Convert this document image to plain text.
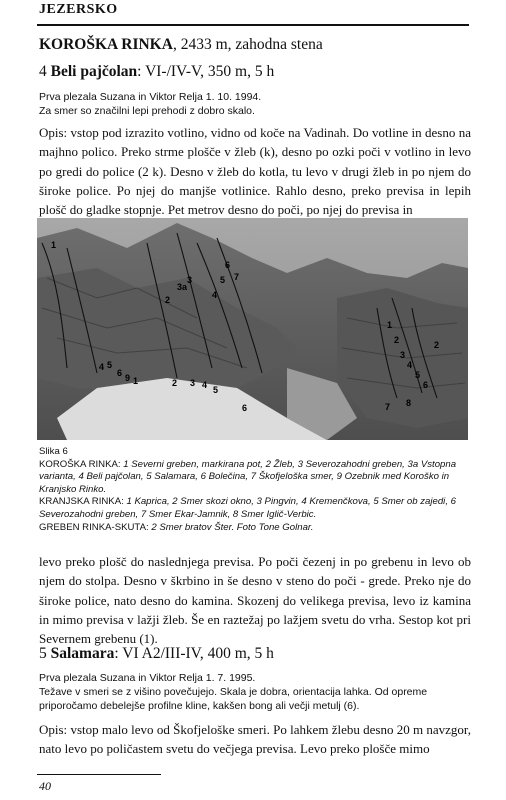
JEZERSKO
KOROŠKA RINKA, 2433 m, zahodna stena
4 Beli pajčolan: VI-/IV-V, 350 m, 5 h
Prva plezala Suzana in Viktor Relja 1. 10. 1994.
Za smer so značilni lepi prehodi z dobro skalo.
Opis: vstop pod izrazito votlino, vidno od koče na Vadinah. Do votline in desno na majhno polico. Preko strme plošče v žleb (k), desno po ozki poči v votlino in levo po gredi do police (2 k). Desno v žleb do kotla, tu levo v drugi žleb in po njem do široke police. Po njej do manjše votlinice. Rahlo desno, preko previsa in lepih plošč do gladke stopnje. Pet metrov desno do poči, po njej do previsa in
4 5
6 9 1	2 3 4 5
6
3
3a
6
7
1
2
5
4
1
2
3
4
5
6
7 8
2
Slika 6
KOROŠKA RINKA: 1 Severni greben, markirana pot, 2 Žleb, 3 Severozahodni greben, 3a Vstopna varianta, 4 Beli pajčolan, 5 Salamara, 6 Bolečina, 7 Škofjeloška smer, 9 Ozebnik med Koroško in Kranjsko Rinko.
KRANJSKA RINKA: 1 Kaprica, 2 Smer skozi okno, 3 Pingvin, 4 Kremenčkova, 5 Smer ob zajedi, 6 Severozahodni greben, 7 Smer Ekar-Jamnik, 8 Smer Iglič-Verbic.
GREBEN RINKA-SKUTA: 2 Smer bratov Šter. Foto Tone Golnar.
levo preko plošč do naslednjega previsa. Po poči čezenj in po grebenu in levo ob njem do stolpa. Desno v škrbino in še desno v steno do poči - grede. Preko nje do široke police, nato desno do kamina. Skozenj do velikega previsa, levo iz kamina in mimo previsa v lažji žleb. Še en raztežaj po lažjem svetu do vrha. Sestop kot pri Severnem grebenu (1).
5 Salamara: VI A2/III-IV, 400 m, 5 h
Prva plezala Suzana in Viktor Relja 1. 7. 1995.
Težave v smeri se z višino povečujejo. Skala je dobra, orientacija lahka. Od opreme priporočamo debelejše profilne kline, kakšen bong ali večji metulj (6).
Opis: vstop malo levo od Škofjeloške smeri. Po lahkem žlebu desno 20 m navzgor, nato levo po poličastem svetu do večjega previsa. Levo preko plošče mimo
40
